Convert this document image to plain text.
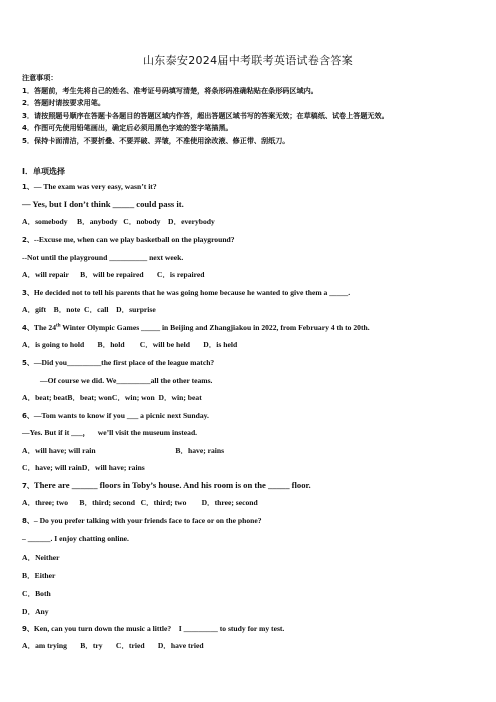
山东泰安2024届中考联考英语试卷含答案
注意事项：
1．答题前，考生先将自己的姓名、准考证号码填写清楚，将条形码准确粘贴在条形码区域内。
2．答题时请按要求用笔。
3．请按照题号顺序在答题卡各题目的答题区域内作答，超出答题区域书写的答案无效；在草稿纸、试卷上答题无效。
4．作图可先使用铅笔画出，确定后必须用黑色字迹的签字笔描黑。
5．保持卡面清洁，不要折叠、不要弄破、弄皱，不准使用涂改液、修正带、刮纸刀。
Ⅰ．单项选择
1、— The exam was very easy, wasn’t it?
— Yes, but I don’t think _____ could pass it.
A．somebody     B．anybody   C．nobody    D．everybody
2、--Excuse me, when can we play basketball on the playground?
--Not until the playground __________ next week.
A．will repair      B．will be repaired       C．is repaired
3、He decided not to tell his parents that he was going home because he wanted to give them a _____.
A．gift    B．note  C．call    D．surprise
4、The 24th Winter Olympic Games _____ in Beijing and Zhangjiakou in 2022, from February 4 th to 20th.
A．is going to hold       B．hold        C．will be held       D．is held
5、—Did you_________the first place of the league match?
—Of course we did. We_________all the other teams.
A．beat; beatB．beat; wonC．win; won  D．win; beat
6、—Tom wants to know if you ___ a picnic next Sunday.
—Yes. But if it ___，    we’ll visit the museum instead.
A．will have; will rain                                          B．have; rains
C．have; will rainD．will have; rains
7、There are ______ floors in Toby’s house. And his room is on the _____ floor.
A．three; two      B．third; second   C．third; two        D．three; second
8、– Do you prefer talking with your friends face to face or on the phone?
– ______. I enjoy chatting online.
A．Neither
B．Either
C．Both
D．Any
9、Ken, can you turn down the music a little?    I _________ to study for my test.
A．am trying       B．try       C．tried       D．have tried
